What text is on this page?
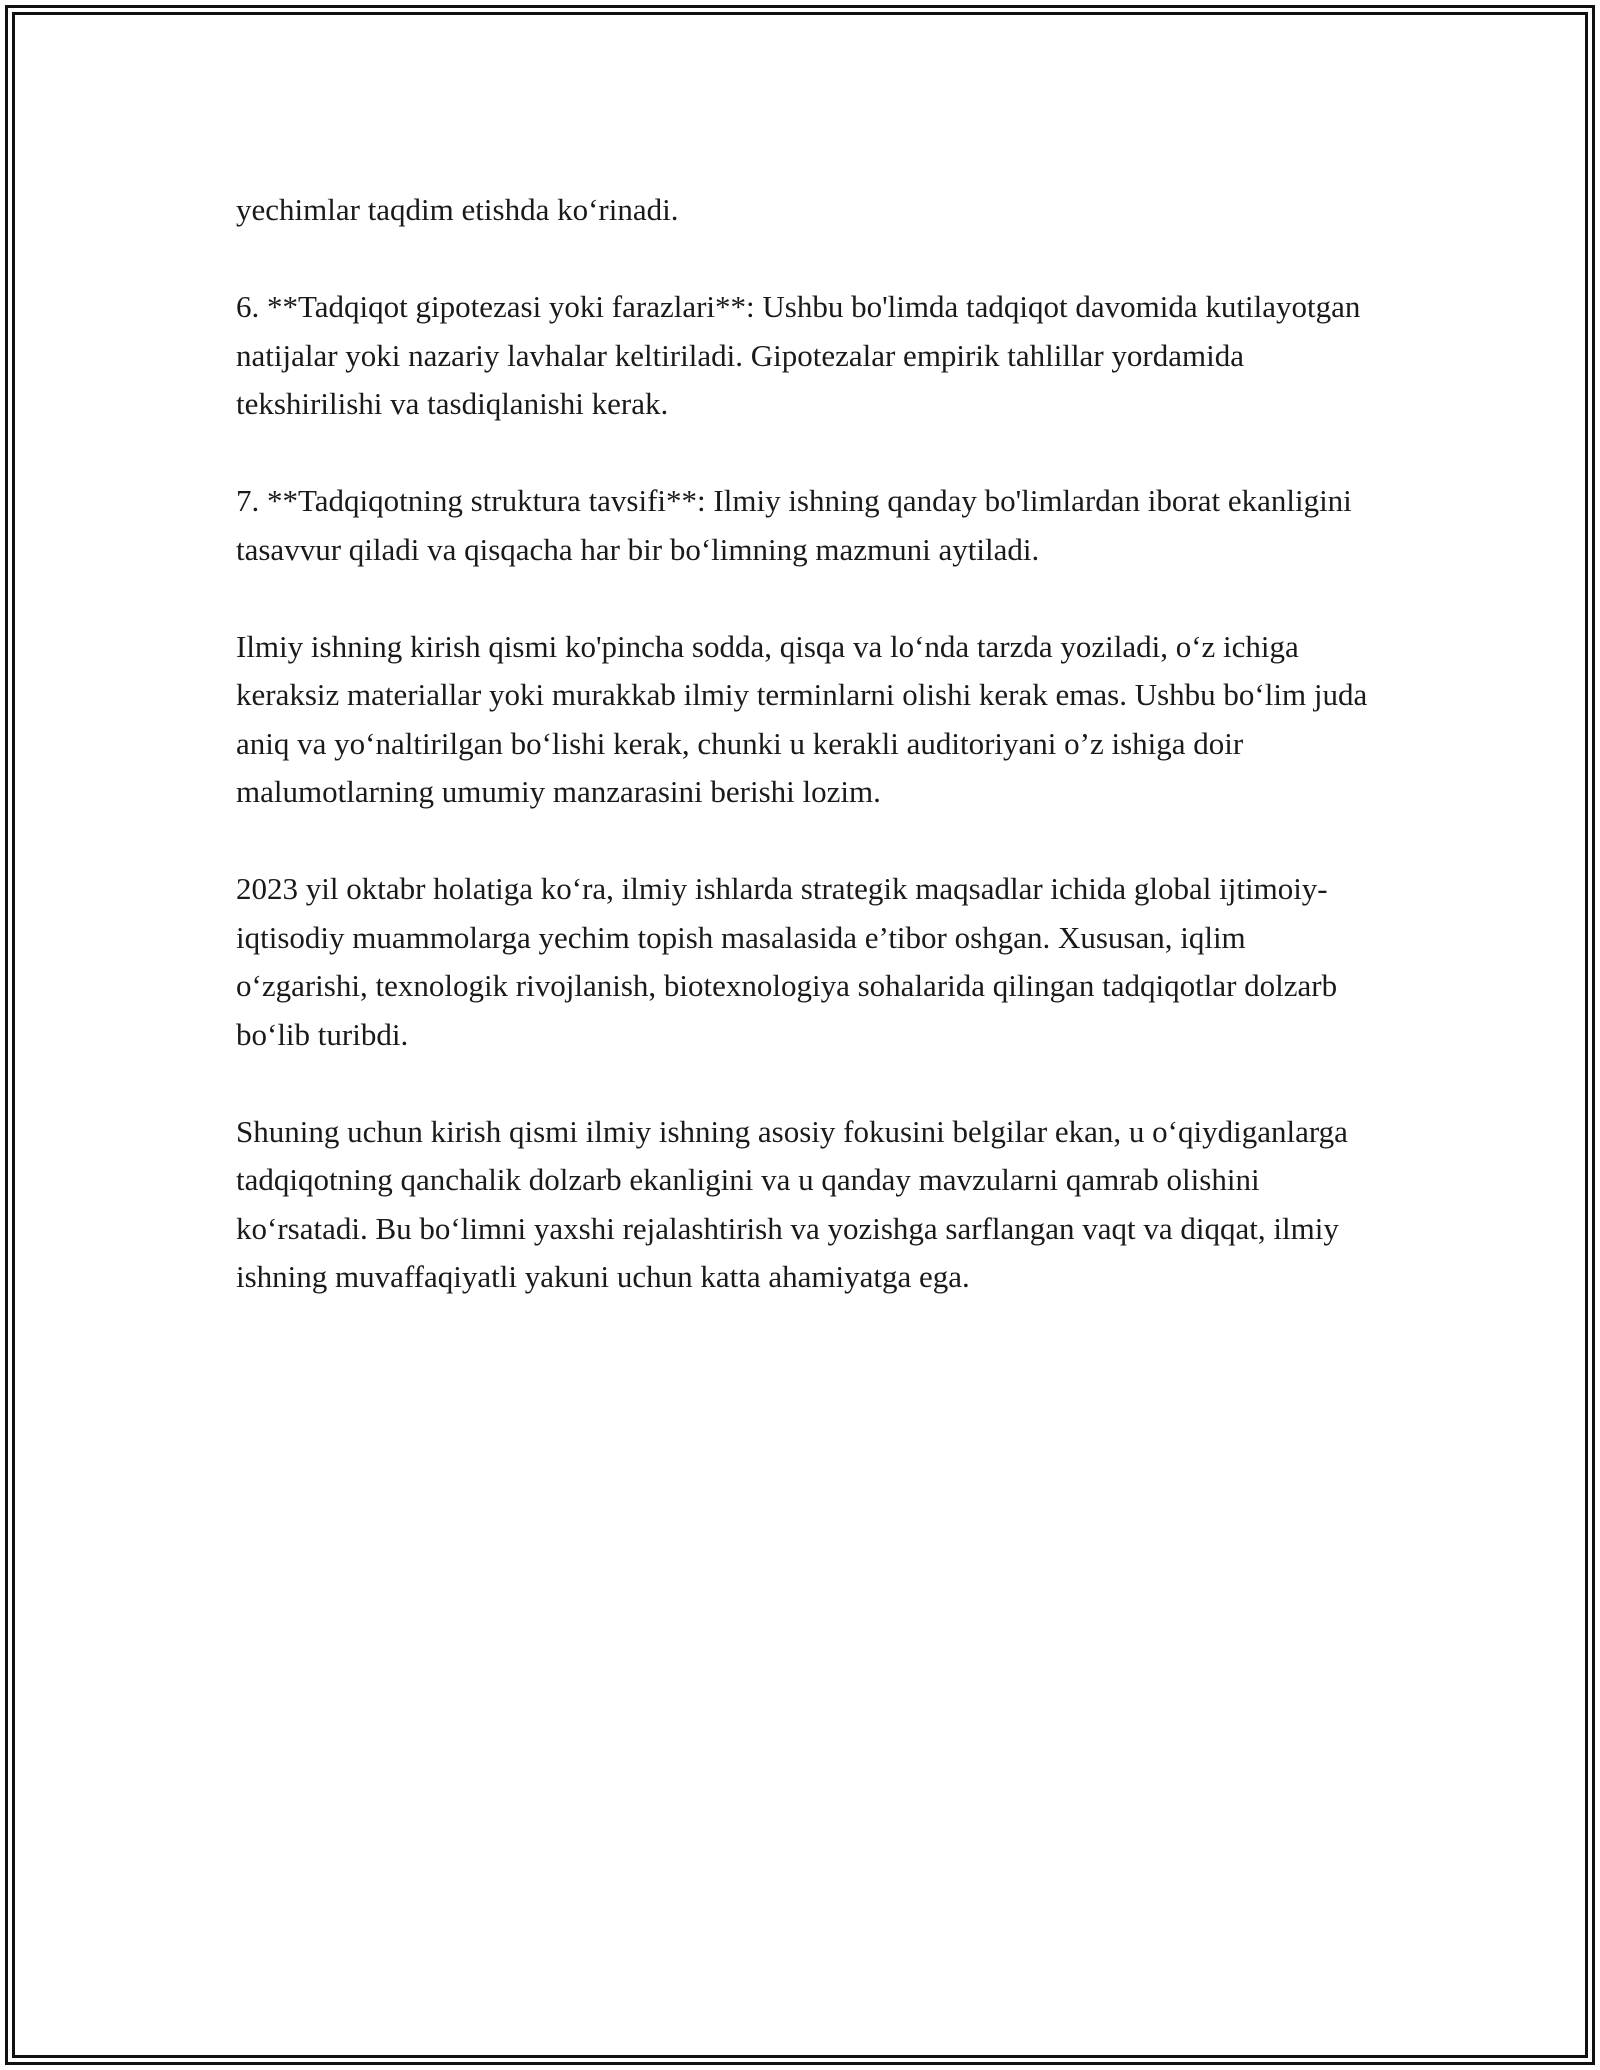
yechimlar taqdim etishda ko‘rinadi.

6. **Tadqiqot gipotezasi yoki farazlari**: Ushbu bo'limda tadqiqot davomida kutilayotgan natijalar yoki nazariy lavhalar keltiriladi. Gipotezalar empirik tahlillar yordamida tekshirilishi va tasdiqlanishi kerak.

7. **Tadqiqotning struktura tavsifi**: Ilmiy ishning qanday bo'limlardan iborat ekanligini tasavvur qiladi va qisqacha har bir bo‘limning mazmuni aytiladi.

Ilmiy ishning kirish qismi ko'pincha sodda, qisqa va lo‘nda tarzda yoziladi, o‘z ichiga keraksiz materiallar yoki murakkab ilmiy terminlarni olishi kerak emas. Ushbu bo‘lim juda aniq va yo‘naltirilgan bo‘lishi kerak, chunki u kerakli auditoriyani o’z ishiga doir malumotlarning umumiy manzarasini berishi lozim.

2023 yil oktabr holatiga ko‘ra, ilmiy ishlarda strategik maqsadlar ichida global ijtimoiy-iqtisodiy muammolarga yechim topish masalasida e’tibor oshgan. Xususan, iqlim o‘zgarishi, texnologik rivojlanish, biotexnologiya sohalarida qilingan tadqiqotlar dolzarb bo‘lib turibdi.

Shuning uchun kirish qismi ilmiy ishning asosiy fokusini belgilar ekan, u o‘qiydiganlarga tadqiqotning qanchalik dolzarb ekanligini va u qanday mavzularni qamrab olishini ko‘rsatadi. Bu bo‘limni yaxshi rejalashtirish va yozishga sarflangan vaqt va diqqat, ilmiy ishning muvaffaqiyatli yakuni uchun katta ahamiyatga ega.
